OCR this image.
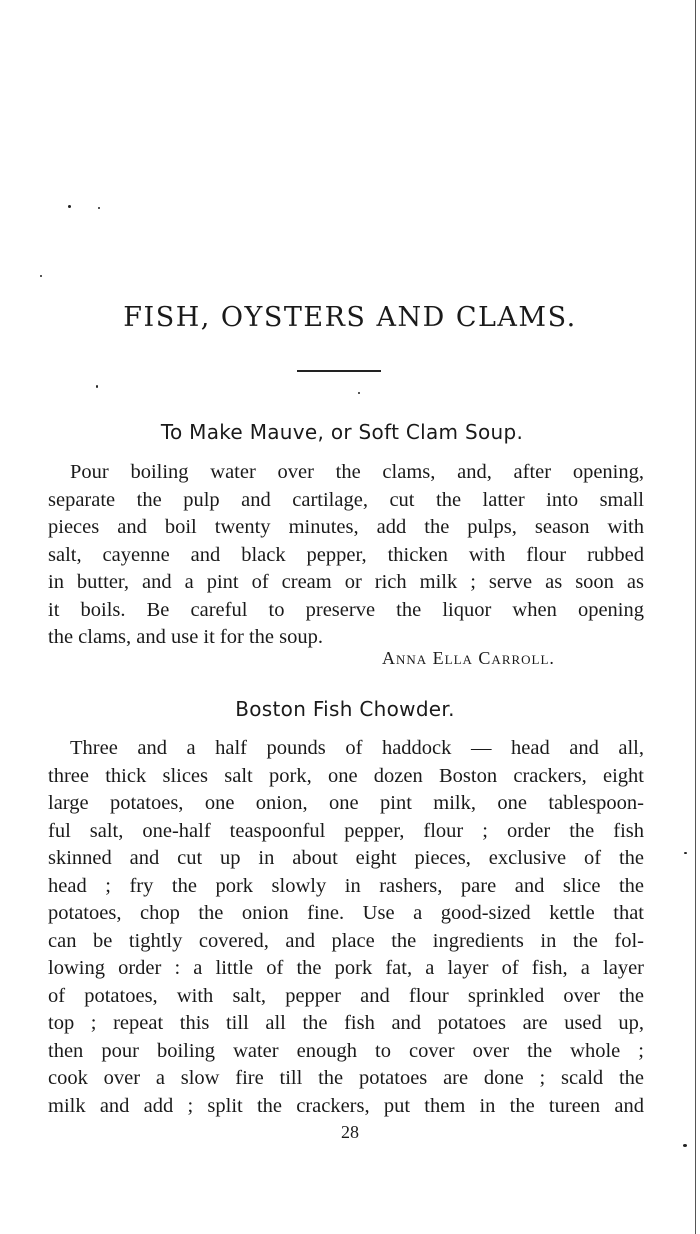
FISH, OYSTERS AND CLAMS.
To Make Mauve, or Soft Clam Soup.
Pour boiling water over the clams, and, after opening,
separate the pulp and cartilage, cut the latter into small
pieces and boil twenty minutes, add the pulps, season with
salt, cayenne and black pepper, thicken with flour rubbed
in butter, and a pint of cream or rich milk ; serve as soon as
it boils. Be careful to preserve the liquor when opening
the clams, and use it for the soup.
Anna Ella Carroll.
Boston Fish Chowder.
Three and a half pounds of haddock — head and all,
three thick slices salt pork, one dozen Boston crackers, eight
large potatoes, one onion, one pint milk, one tablespoon-
ful salt, one-half teaspoonful pepper, flour ; order the fish
skinned and cut up in about eight pieces, exclusive of the
head ; fry the pork slowly in rashers, pare and slice the
potatoes, chop the onion fine. Use a good-sized kettle that
can be tightly covered, and place the ingredients in the fol-
lowing order : a little of the pork fat, a layer of fish, a layer
of potatoes, with salt, pepper and flour sprinkled over the
top ; repeat this till all the fish and potatoes are used up,
then pour boiling water enough to cover over the whole ;
cook over a slow fire till the potatoes are done ; scald the
milk and add ; split the crackers, put them in the tureen and
28
